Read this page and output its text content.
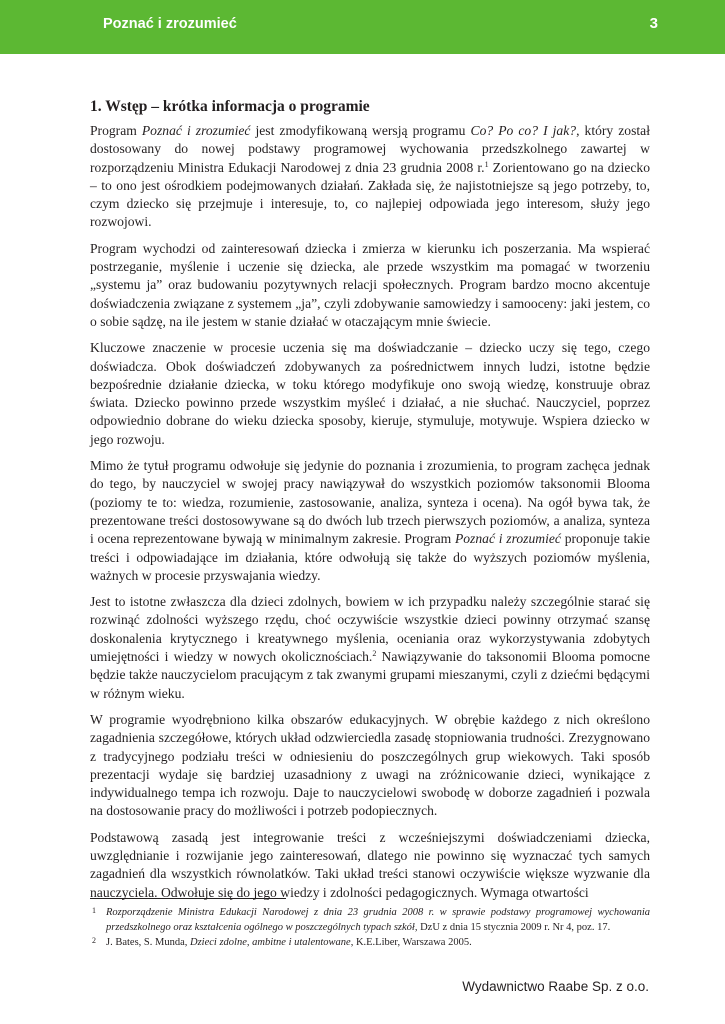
Poznać i zrozumieć	3
1. Wstęp – krótka informacja o programie

Program Poznać i zrozumieć jest zmodyfikowaną wersją programu Co? Po co? I jak?, który został dostosowany do nowej podstawy programowej wychowania przedszkolnego zawartej w rozporządzeniu Ministra Edukacji Narodowej z dnia 23 grudnia 2008 r.$^1$ Zorientowano go na dziecko – to ono jest ośrodkiem podejmowanych działań. Zakłada się, że najistotniejsze są jego potrzeby, to, czym dziecko się przejmuje i interesuje, to, co najlepiej odpowiada jego interesom, służy jego rozwojowi.

Program wychodzi od zainteresowań dziecka i zmierza w kierunku ich poszerzania. Ma wspierać postrzeganie, myślenie i uczenie się dziecka, ale przede wszystkim ma pomagać w tworzeniu „systemu ja” oraz budowaniu pozytywnych relacji społecznych. Program bardzo mocno akcentuje doświadczenia związane z systemem „ja”, czyli zdobywanie samowiedzy i samooceny: jaki jestem, co o sobie sądzę, na ile jestem w stanie działać w otaczającym mnie świecie.

Kluczowe znaczenie w procesie uczenia się ma doświadczanie – dziecko uczy się tego, czego doświadcza. Obok doświadczeń zdobywanych za pośrednictwem innych ludzi, istotne będzie bezpośrednie działanie dziecka, w toku którego modyfikuje ono swoją wiedzę, konstruuje obraz świata. Dziecko powinno przede wszystkim myśleć i działać, a nie słuchać. Nauczyciel, poprzez odpowiednio dobrane do wieku dziecka sposoby, kieruje, stymuluje, motywuje. Wspiera dziecko w jego rozwoju.

Mimo że tytuł programu odwołuje się jedynie do poznania i zrozumienia, to program zachęca jednak do tego, by nauczyciel w swojej pracy nawiązywał do wszystkich poziomów taksonomii Blooma (poziomy te to: wiedza, rozumienie, zastosowanie, analiza, synteza i ocena). Na ogół bywa tak, że prezentowane treści dostosowywane są do dwóch lub trzech pierwszych poziomów, a analiza, synteza i ocena reprezentowane bywają w minimalnym zakresie. Program Poznać i zrozumieć proponuje takie treści i odpowiadające im działania, które odwołują się także do wyższych poziomów myślenia, ważnych w procesie przyswajania wiedzy.

Jest to istotne zwłaszcza dla dzieci zdolnych, bowiem w ich przypadku należy szczególnie starać się rozwinąć zdolności wyższego rzędu, choć oczywiście wszystkie dzieci powinny otrzymać szansę doskonalenia krytycznego i kreatywnego myślenia, oceniania oraz wykorzystywania zdobytych umiejętności i wiedzy w nowych okolicznościach.$^2$ Nawiązywanie do taksonomii Blooma pomocne będzie także nauczycielom pracującym z tak zwanymi grupami mieszanymi, czyli z dziećmi będącymi w różnym wieku.

W programie wyodrębniono kilka obszarów edukacyjnych. W obrębie każdego z nich określono zagadnienia szczegółowe, których układ odzwierciedla zasadę stopniowania trudności. Zrezygnowano z tradycyjnego podziału treści w odniesieniu do poszczególnych grup wiekowych. Taki sposób prezentacji wydaje się bardziej uzasadniony z uwagi na zróżnicowanie dzieci, wynikające z indywidualnego tempa ich rozwoju. Daje to nauczycielowi swobodę w doborze zagadnień i pozwala na dostosowanie pracy do możliwości i potrzeb podopiecznych.

Podstawową zasadą jest integrowanie treści z wcześniejszymi doświadczeniami dziecka, uwzględnianie i rozwijanie jego zainteresowań, dlatego nie powinno się wyznaczać tych samych zagadnień dla wszystkich równolatków. Taki układ treści stanowi oczywiście większe wyzwanie dla nauczyciela. Odwołuje się do jego wiedzy i zdolności pedagogicznych. Wymaga otwartości

1 Rozporządzenie Ministra Edukacji Narodowej z dnia 23 grudnia 2008 r. w sprawie podstawy programowej wychowania przedszkolnego oraz kształcenia ogólnego w poszczególnych typach szkół, DzU z dnia 15 stycznia 2009 r. Nr 4, poz. 17.
2 J. Bates, S. Munda, Dzieci zdolne, ambitne i utalentowane, K.E.Liber, Warszawa 2005.
Wydawnictwo Raabe Sp. z o.o.
